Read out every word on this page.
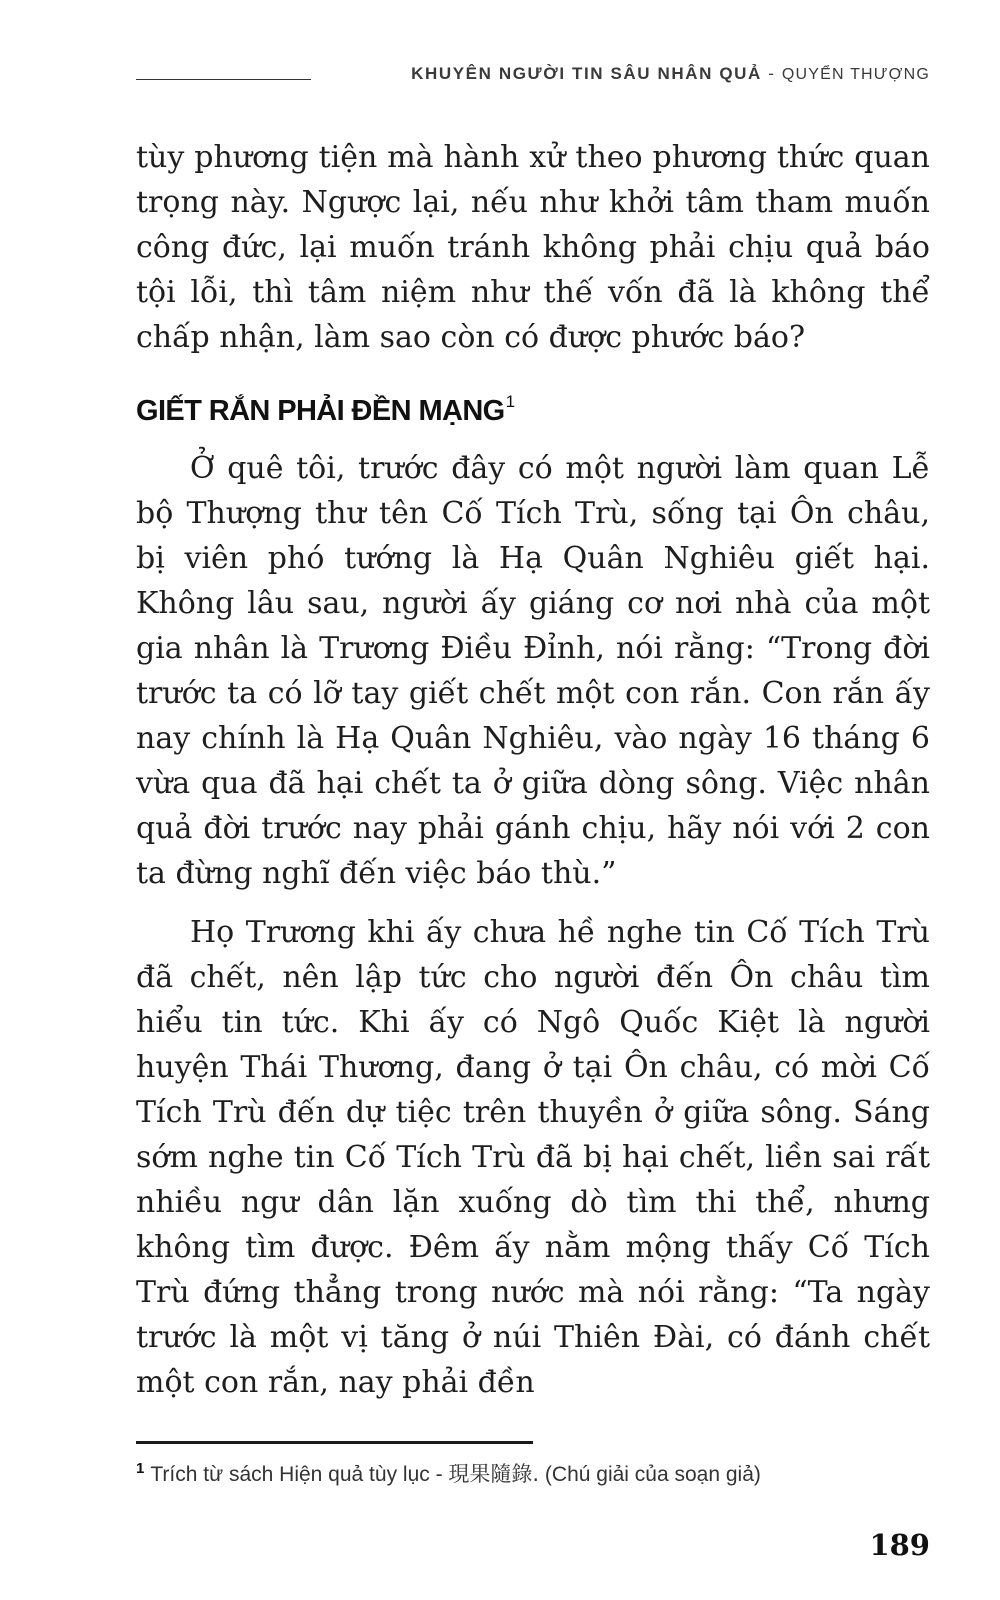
KHUYÊN NGƯỜI TIN SÂU NHÂN QUẢ - QUYỂN THƯỢNG

tùy phương tiện mà hành xử theo phương thức quan trọng này. Ngược lại, nếu như khởi tâm tham muốn công đức, lại muốn tránh không phải chịu quả báo tội lỗi, thì tâm niệm như thế vốn đã là không thể chấp nhận, làm sao còn có được phước báo?

GIẾT RẮN PHẢI ĐỀN MẠNG$^1$

Ở quê tôi, trước đây có một người làm quan Lễ bộ Thượng thư tên Cố Tích Trù, sống tại Ôn châu, bị viên phó tướng là Hạ Quân Nghiêu giết hại. Không lâu sau, người ấy giáng cơ nơi nhà của một gia nhân là Trương Điều Đỉnh, nói rằng: “Trong đời trước ta có lỡ tay giết chết một con rắn. Con rắn ấy nay chính là Hạ Quân Nghiêu, vào ngày 16 tháng 6 vừa qua đã hại chết ta ở giữa dòng sông. Việc nhân quả đời trước nay phải gánh chịu, hãy nói với 2 con ta đừng nghĩ đến việc báo thù.”

Họ Trương khi ấy chưa hề nghe tin Cố Tích Trù đã chết, nên lập tức cho người đến Ôn châu tìm hiểu tin tức. Khi ấy có Ngô Quốc Kiệt là người huyện Thái Thương, đang ở tại Ôn châu, có mời Cố Tích Trù đến dự tiệc trên thuyền ở giữa sông. Sáng sớm nghe tin Cố Tích Trù đã bị hại chết, liền sai rất nhiều ngư dân lặn xuống dò tìm thi thể, nhưng không tìm được. Đêm ấy nằm mộng thấy Cố Tích Trù đứng thẳng trong nước mà nói rằng: “Ta ngày trước là một vị tăng ở núi Thiên Đài, có đánh chết một con rắn, nay phải đền

$^1$ Trích từ sách Hiện quả tùy lục - 現果隨錄. (Chú giải của soạn giả)
189
